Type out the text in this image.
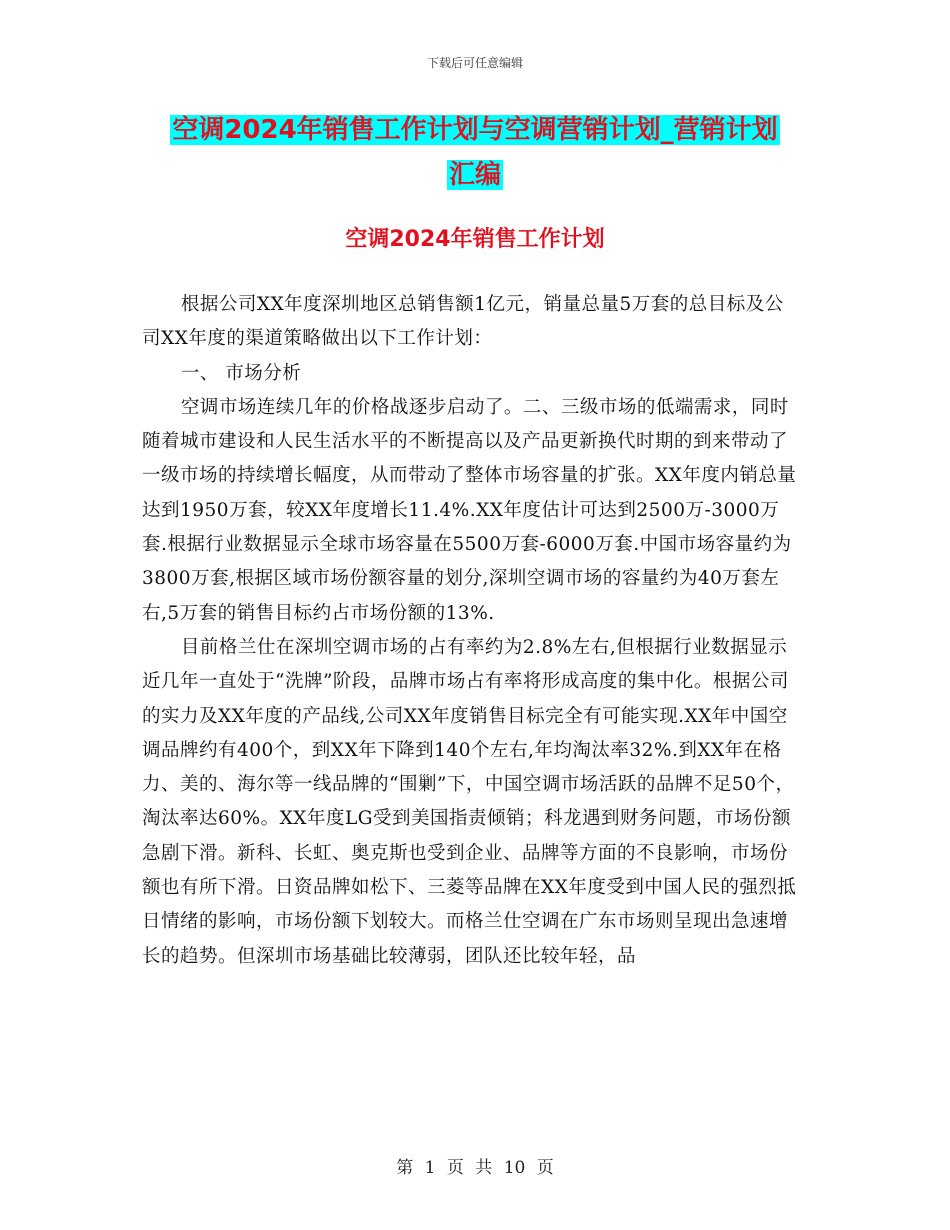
下载后可任意编辑
空调2024年销售工作计划与空调营销计划_营销计划
汇编
空调2024年销售工作计划

根据公司XX年度深圳地区总销售额1亿元，销量总量5万套的总目标及公司XX年度的渠道策略做出以下工作计划：

一、 市场分析

空调市场连续几年的价格战逐步启动了。二、三级市场的低端需求，同时随着城市建设和人民生活水平的不断提高以及产品更新换代时期的到来带动了一级市场的持续增长幅度，从而带动了整体市场容量的扩张。XX年度内销总量达到1950万套，较XX年度增长11.4%.XX年度估计可达到2500万-3000万套.根据行业数据显示全球市场容量在5500万套-6000万套.中国市场容量约为3800万套,根据区域市场份额容量的划分,深圳空调市场的容量约为40万套左右,5万套的销售目标约占市场份额的13%.

目前格兰仕在深圳空调市场的占有率约为2.8%左右,但根据行业数据显示近几年一直处于“洗牌”阶段，品牌市场占有率将形成高度的集中化。根据公司的实力及XX年度的产品线,公司XX年度销售目标完全有可能实现.XX年中国空调品牌约有400个，到XX年下降到140个左右,年均淘汰率32%.到XX年在格力、美的、海尔等一线品牌的“围剿”下，中国空调市场活跃的品牌不足50个，淘汰率达60%。XX年度LG受到美国指责倾销；科龙遇到财务问题，市场份额急剧下滑。新科、长虹、奥克斯也受到企业、品牌等方面的不良影响，市场份额也有所下滑。日资品牌如松下、三菱等品牌在XX年度受到中国人民的强烈抵日情绪的影响，市场份额下划较大。而格兰仕空调在广东市场则呈现出急速增长的趋势。但深圳市场基础比较薄弱，团队还比较年轻，品

第 1 页 共 10 页
